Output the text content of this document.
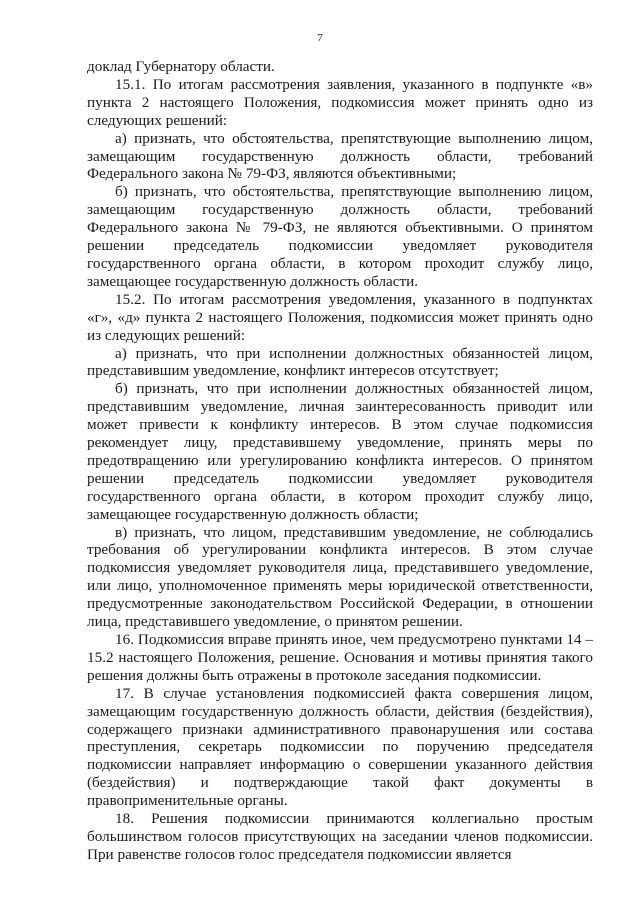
7

доклад Губернатору области.

15.1. По итогам рассмотрения заявления, указанного в подпункте «в» пункта 2 настоящего Положения, подкомиссия может принять одно из следующих решений:

а) признать, что обстоятельства, препятствующие выполнению лицом, замещающим государственную должность области, требований Федерального закона № 79-ФЗ, являются объективными;

б) признать, что обстоятельства, препятствующие выполнению лицом, замещающим государственную должность области, требований Федерального закона № 79-ФЗ, не являются объективными. О принятом решении председатель подкомиссии уведомляет руководителя государственного органа области, в котором проходит службу лицо, замещающее государственную должность области.

15.2. По итогам рассмотрения уведомления, указанного в подпунктах «г», «д» пункта 2 настоящего Положения, подкомиссия может принять одно из следующих решений:

а) признать, что при исполнении должностных обязанностей лицом, представившим уведомление, конфликт интересов отсутствует;

б) признать, что при исполнении должностных обязанностей лицом, представившим уведомление, личная заинтересованность приводит или может привести к конфликту интересов. В этом случае подкомиссия рекомендует лицу, представившему уведомление, принять меры по предотвращению или урегулированию конфликта интересов. О принятом решении председатель подкомиссии уведомляет руководителя государственного органа области, в котором проходит службу лицо, замещающее государственную должность области;

в) признать, что лицом, представившим уведомление, не соблюдались требования об урегулировании конфликта интересов. В этом случае подкомиссия уведомляет руководителя лица, представившего уведомление, или лицо, уполномоченное применять меры юридической ответственности, предусмотренные законодательством Российской Федерации, в отношении лица, представившего уведомление, о принятом решении.

16. Подкомиссия вправе принять иное, чем предусмотрено пунктами 14 – 15.2 настоящего Положения, решение. Основания и мотивы принятия такого решения должны быть отражены в протоколе заседания подкомиссии.

17. В случае установления подкомиссией факта совершения лицом, замещающим государственную должность области, действия (бездействия), содержащего признаки административного правонарушения или состава преступления, секретарь подкомиссии по поручению председателя подкомиссии направляет информацию о совершении указанного действия (бездействия) и подтверждающие такой факт документы в правоприменительные органы.

18. Решения подкомиссии принимаются коллегиально простым большинством голосов присутствующих на заседании членов подкомиссии. При равенстве голосов голос председателя подкомиссии является
